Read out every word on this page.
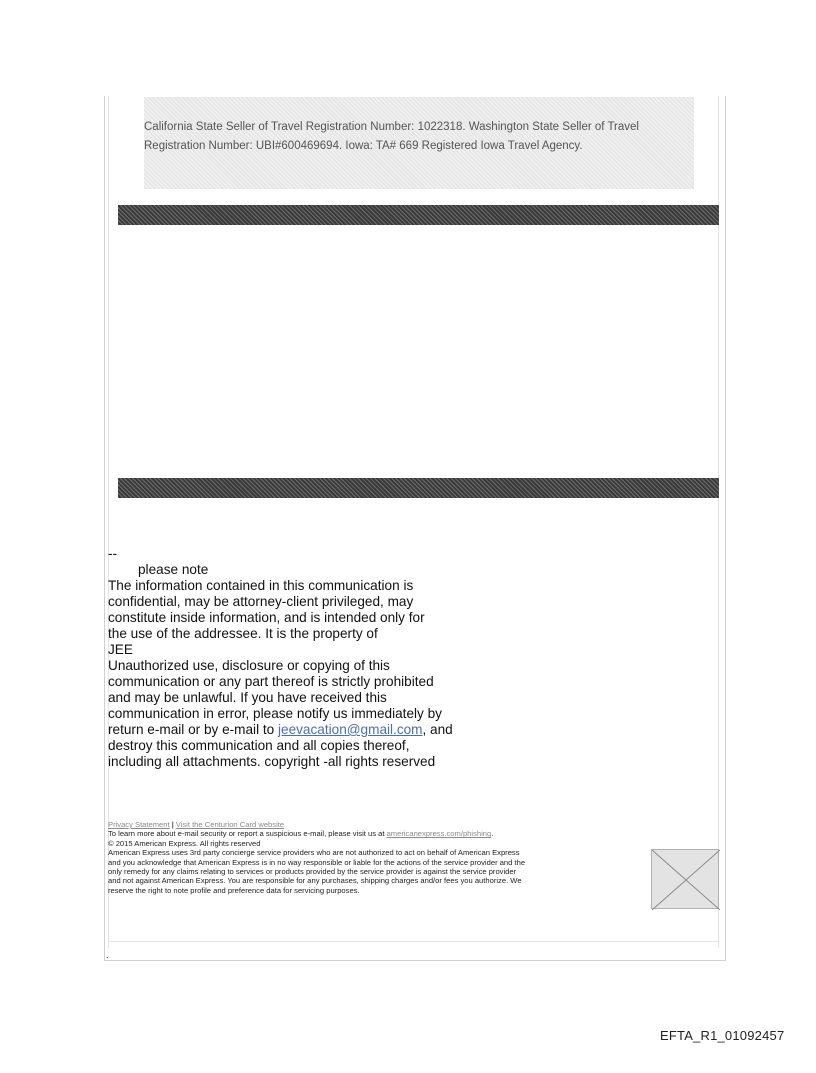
California State Seller of Travel Registration Number: 1022318. Washington State Seller of Travel
Registration Number: UBI#600469694. Iowa: TA# 669 Registered Iowa Travel Agency.
--
please note
The information contained in this communication is
confidential, may be attorney-client privileged, may
constitute inside information, and is intended only for
the use of the addressee. It is the property of
JEE
Unauthorized use, disclosure or copying of this
communication or any part thereof is strictly prohibited
and may be unlawful. If you have received this
communication in error, please notify us immediately by
return e-mail or by e-mail to jeevacation@gmail.com, and
destroy this communication and all copies thereof,
including all attachments. copyright -all rights reserved
Privacy Statement | Visit the Centurion Card website
To learn more about e-mail security or report a suspicious e-mail, please visit us at americanexpress.com/phishing.
© 2015 American Express. All rights reserved
American Express uses 3rd party concierge service providers who are not authorized to act on behalf of American Express
and you acknowledge that American Express is in no way responsible or liable for the actions of the service provider and the
only remedy for any claims relating to services or products provided by the service provider is against the service provider
and not against American Express. You are responsible for any purchases, shipping charges and/or fees you authorize. We
reserve the right to note profile and preference data for servicing purposes.
.
EFTA_R1_01092457
